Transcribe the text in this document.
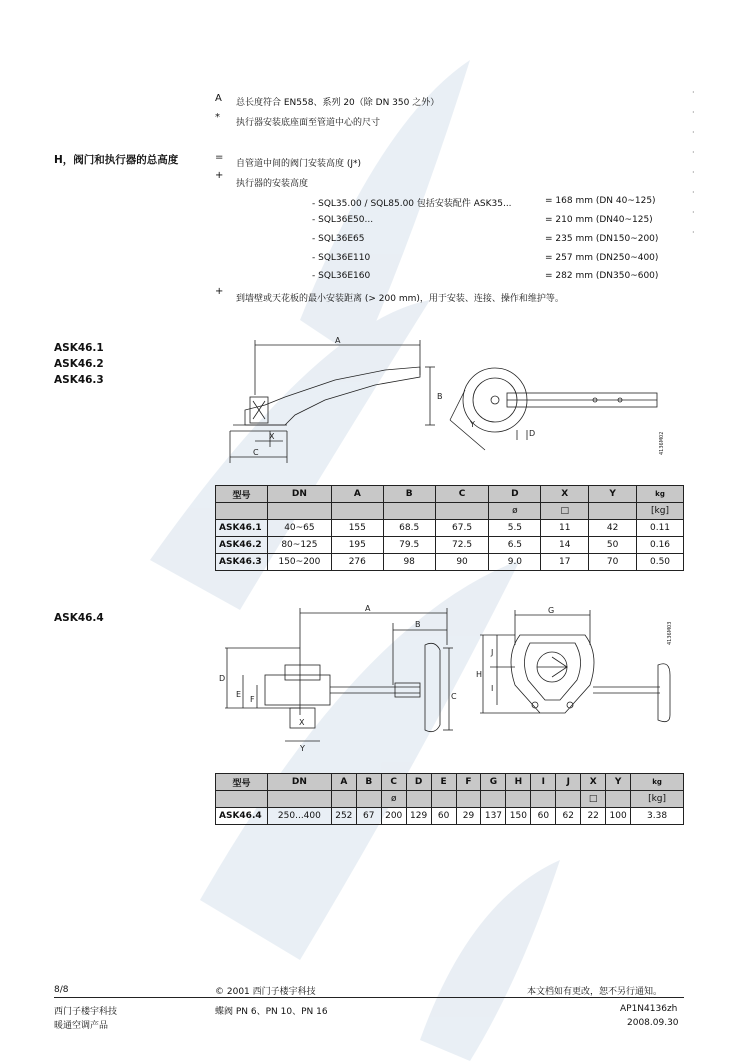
A	总长度符合 EN558、系列 20（除 DN 350 之外）
*	执行器安装底座面至管道中心的尺寸
H，阀门和执行器的总高度	=
自管道中间的阀门安装高度 (J*)
+
执行器的安装高度
- SQL35.00 / SQL85.00 包括安装配件 ASK35...	= 168 mm (DN 40~125)
- SQL36E50...	= 210 mm (DN40~125)
- SQL36E65	= 235 mm (DN150~200)
- SQL36E110	= 257 mm (DN250~400)
- SQL36E160	= 282 mm (DN350~600)
+
到墙壁或天花板的最小安装距离 (> 200 mm)，用于安装、连接、操作和维护等。
·
·
·
·
·
·
·
·
ASK46.1
ASK46.2
ASK46.3
A
B
C
X
Y
D	4136M02
型号	DN	A	B	C	D	X	Y	kg
					ø	□		[kg]
ASK46.1	40~65	155	68.5	67.5	5.5	11	42	0.11
ASK46.2	80~125	195	79.5	72.5	6.5	14	50	0.16
ASK46.3	150~200	276	98	90	9.0	17	70	0.50
ASK46.4
A
B
D
E
F
X
Y
C
G
H
J
I
4136M03
型号	DN	A	B	C	D	E	F	G	H	I	J	X	Y	kg
				ø								□		[kg]
ASK46.4	250...400	252	67	200	129	60	29	137	150	60	62	22	100	3.38
8/8	© 2001 西门子楼宇科技	本文档如有更改，恕不另行通知。
西门子楼宇科技
暖通空调产品
蝶阀 PN 6、PN 10、PN 16	AP1N4136zh
2008.09.30
